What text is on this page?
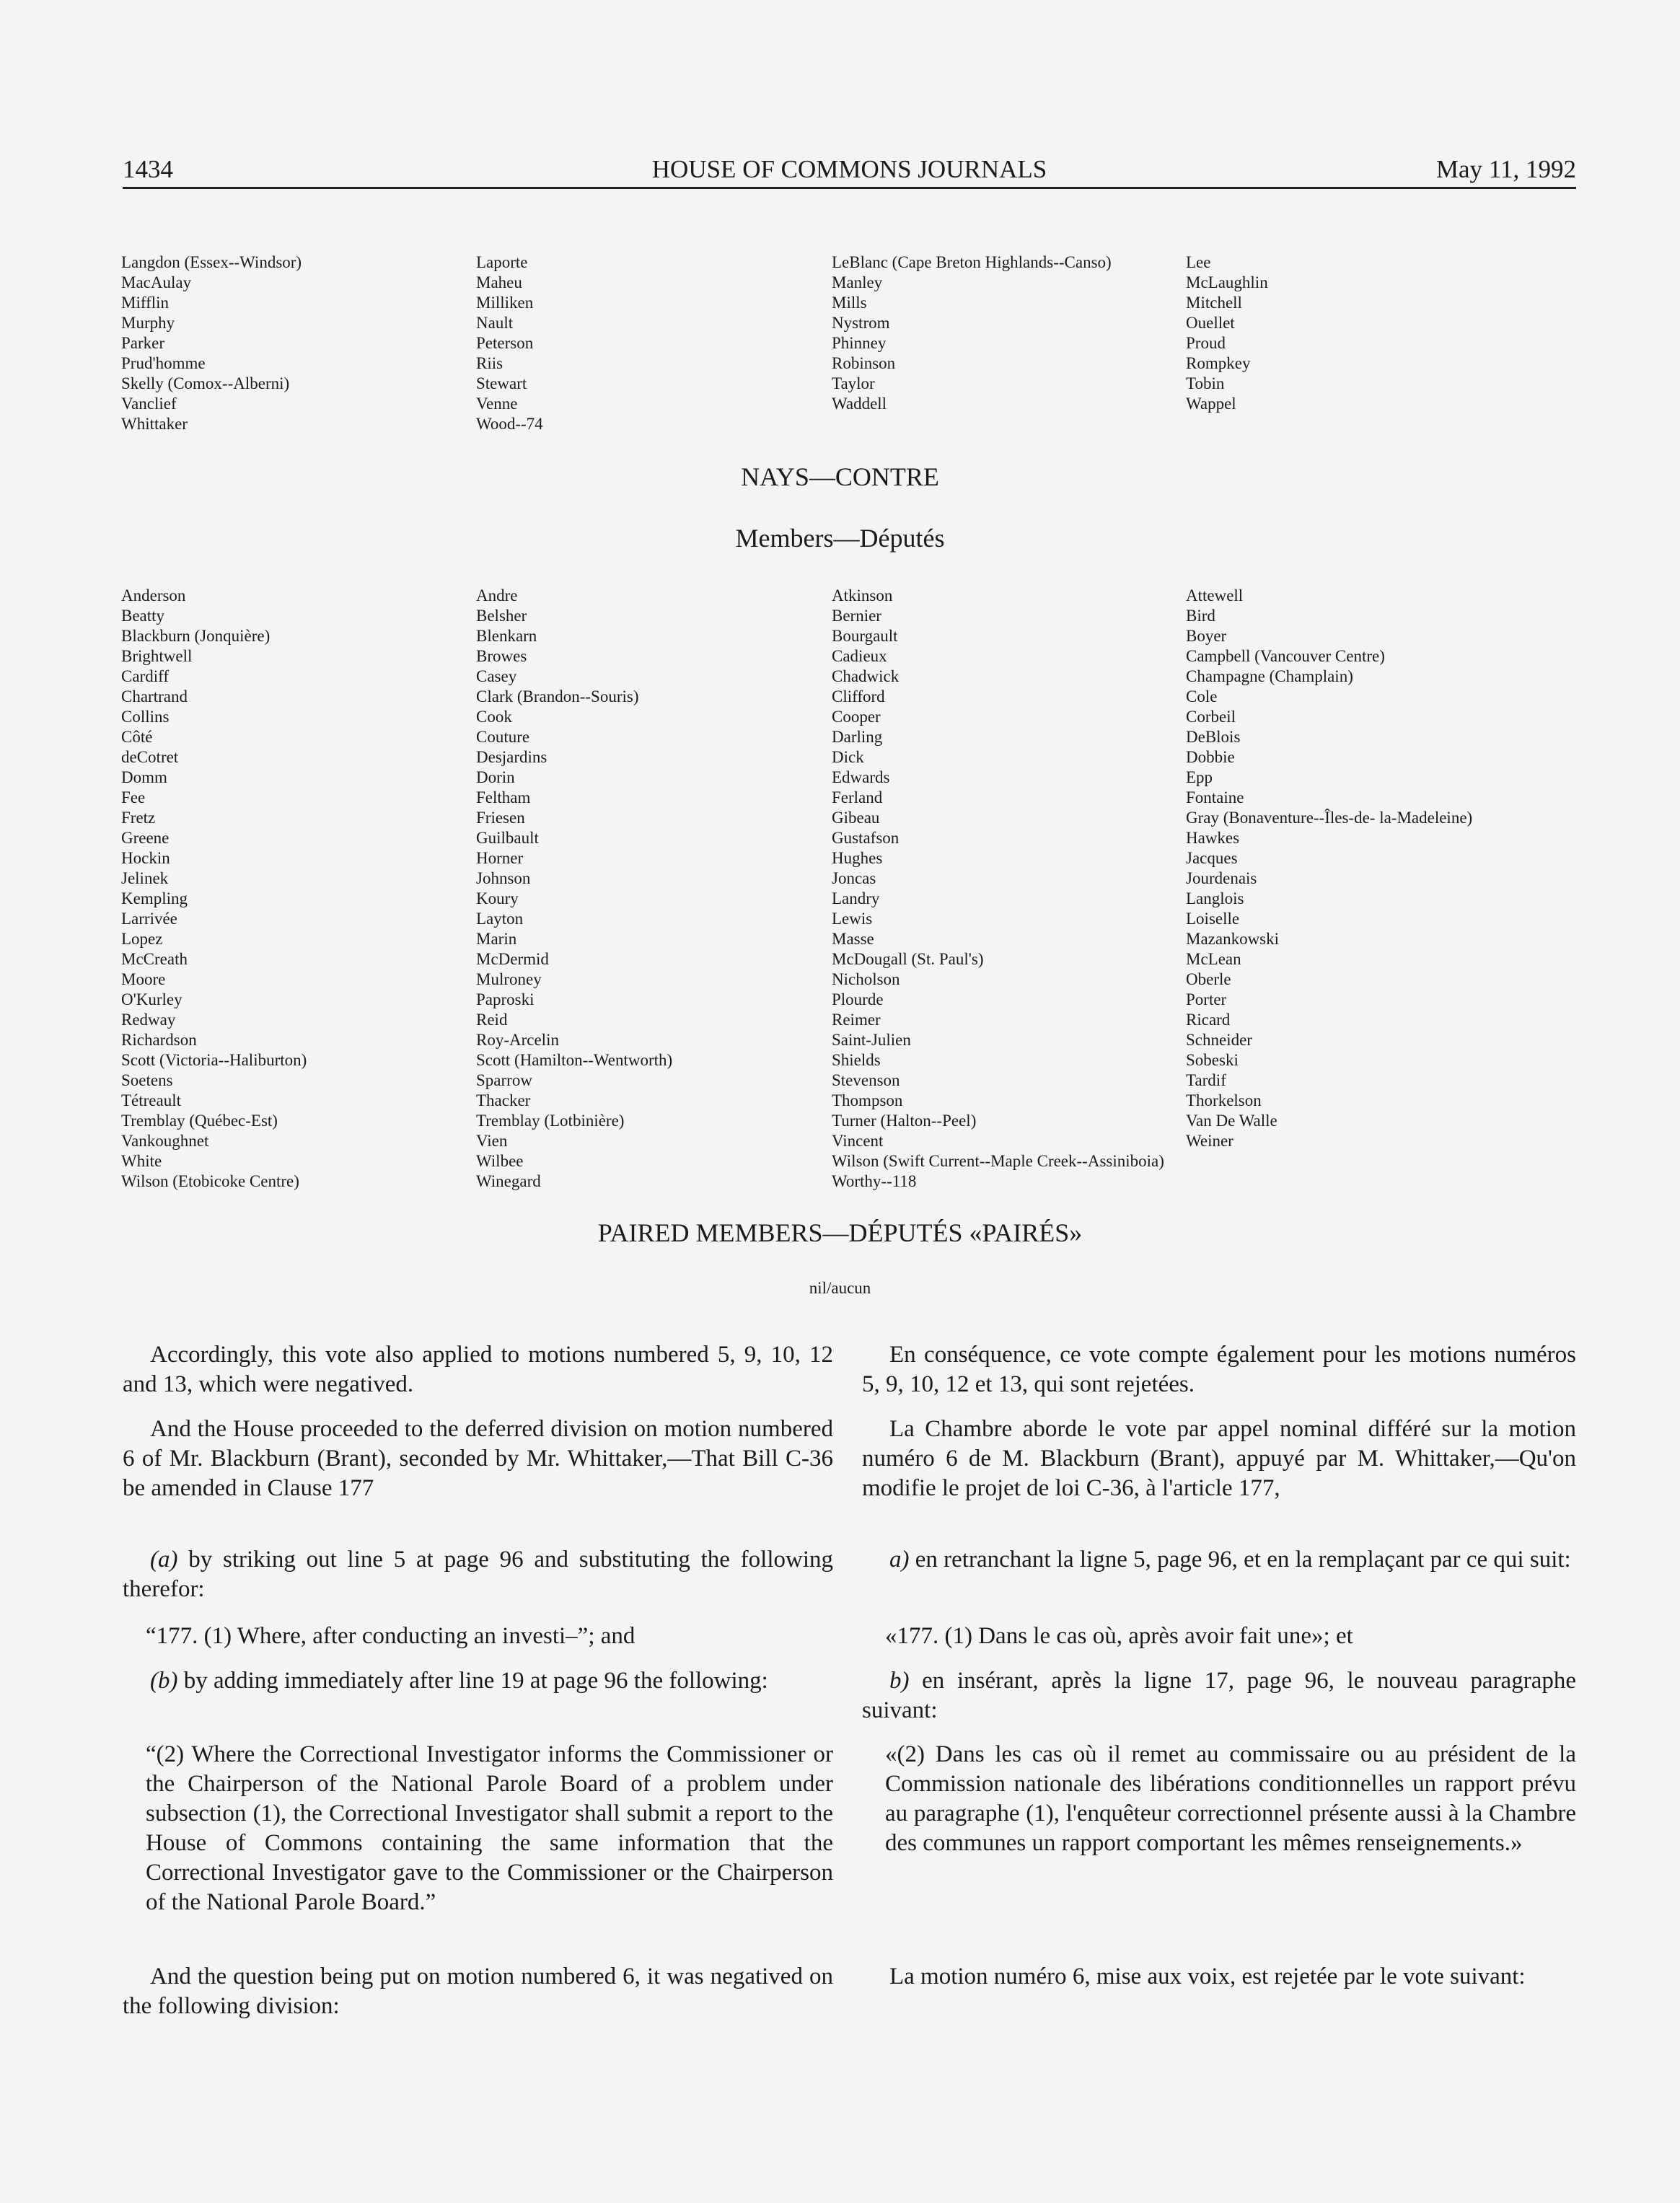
1434	HOUSE OF COMMONS JOURNALS	May 11, 1992
Langdon (Essex--Windsor)
MacAulay
Mifflin
Murphy
Parker
Prud'homme
Skelly (Comox--Alberni)
Vanclief
Whittaker
Laporte
Maheu
Milliken
Nault
Peterson
Riis
Stewart
Venne
Wood--74
LeBlanc (Cape Breton Highlands--Canso)
Manley
Mills
Nystrom
Phinney
Robinson
Taylor
Waddell
Lee
McLaughlin
Mitchell
Ouellet
Proud
Rompkey
Tobin
Wappel
NAYS—CONTRE
Members—Députés
Anderson
Beatty
Blackburn (Jonquière)
Brightwell
Cardiff
Chartrand
Collins
Côté
deCotret
Domm
Fee
Fretz
Greene
Hockin
Jelinek
Kempling
Larrivée
Lopez
McCreath
Moore
O'Kurley
Redway
Richardson
Scott (Victoria--Haliburton)
Soetens
Tétreault
Tremblay (Québec-Est)
Vankoughnet
White
Wilson (Etobicoke Centre)
Andre
Belsher
Blenkarn
Browes
Casey
Clark (Brandon--Souris)
Cook
Couture
Desjardins
Dorin
Feltham
Friesen
Guilbault
Horner
Johnson
Koury
Layton
Marin
McDermid
Mulroney
Paproski
Reid
Roy-Arcelin
Scott (Hamilton--Wentworth)
Sparrow
Thacker
Tremblay (Lotbinière)
Vien
Wilbee
Winegard
Atkinson
Bernier
Bourgault
Cadieux
Chadwick
Clifford
Cooper
Darling
Dick
Edwards
Ferland
Gibeau
Gustafson
Hughes
Joncas
Landry
Lewis
Masse
McDougall (St. Paul's)
Nicholson
Plourde
Reimer
Saint-Julien
Shields
Stevenson
Thompson
Turner (Halton--Peel)
Vincent
Wilson (Swift Current--Maple Creek--Assiniboia)
Worthy--118
Attewell
Bird
Boyer
Campbell (Vancouver Centre)
Champagne (Champlain)
Cole
Corbeil
DeBlois
Dobbie
Epp
Fontaine
Gray (Bonaventure--Îles-de- la-Madeleine)
Hawkes
Jacques
Jourdenais
Langlois
Loiselle
Mazankowski
McLean
Oberle
Porter
Ricard
Schneider
Sobeski
Tardif
Thorkelson
Van De Walle
Weiner
PAIRED MEMBERS—DÉPUTÉS «PAIRÉS»
nil/aucun
Accordingly, this vote also applied to motions numbered 5, 9, 10, 12 and 13, which were negatived.
And the House proceeded to the deferred division on motion numbered 6 of Mr. Blackburn (Brant), seconded by Mr. Whittaker,—That Bill C-36 be amended in Clause 177
(a) by striking out line 5 at page 96 and substituting the following therefor:
“177. (1) Where, after conducting an investi–”; and
(b) by adding immediately after line 19 at page 96 the following:
“(2) Where the Correctional Investigator informs the Commissioner or the Chairperson of the National Parole Board of a problem under subsection (1), the Correctional Investigator shall submit a report to the House of Commons containing the same information that the Correctional Investigator gave to the Commissioner or the Chairperson of the National Parole Board.”
And the question being put on motion numbered 6, it was negatived on the following division:
En conséquence, ce vote compte également pour les motions numéros 5, 9, 10, 12 et 13, qui sont rejetées.
La Chambre aborde le vote par appel nominal différé sur la motion numéro 6 de M. Blackburn (Brant), appuyé par M. Whittaker,—Qu'on modifie le projet de loi C-36, à l'article 177,
a) en retranchant la ligne 5, page 96, et en la remplaçant par ce qui suit:
«177. (1) Dans le cas où, après avoir fait une»; et
b) en insérant, après la ligne 17, page 96, le nouveau paragraphe suivant:
«(2) Dans les cas où il remet au commissaire ou au président de la Commission nationale des libérations conditionnelles un rapport prévu au paragraphe (1), l'enquêteur correctionnel présente aussi à la Chambre des communes un rapport comportant les mêmes renseignements.»
La motion numéro 6, mise aux voix, est rejetée par le vote suivant:
